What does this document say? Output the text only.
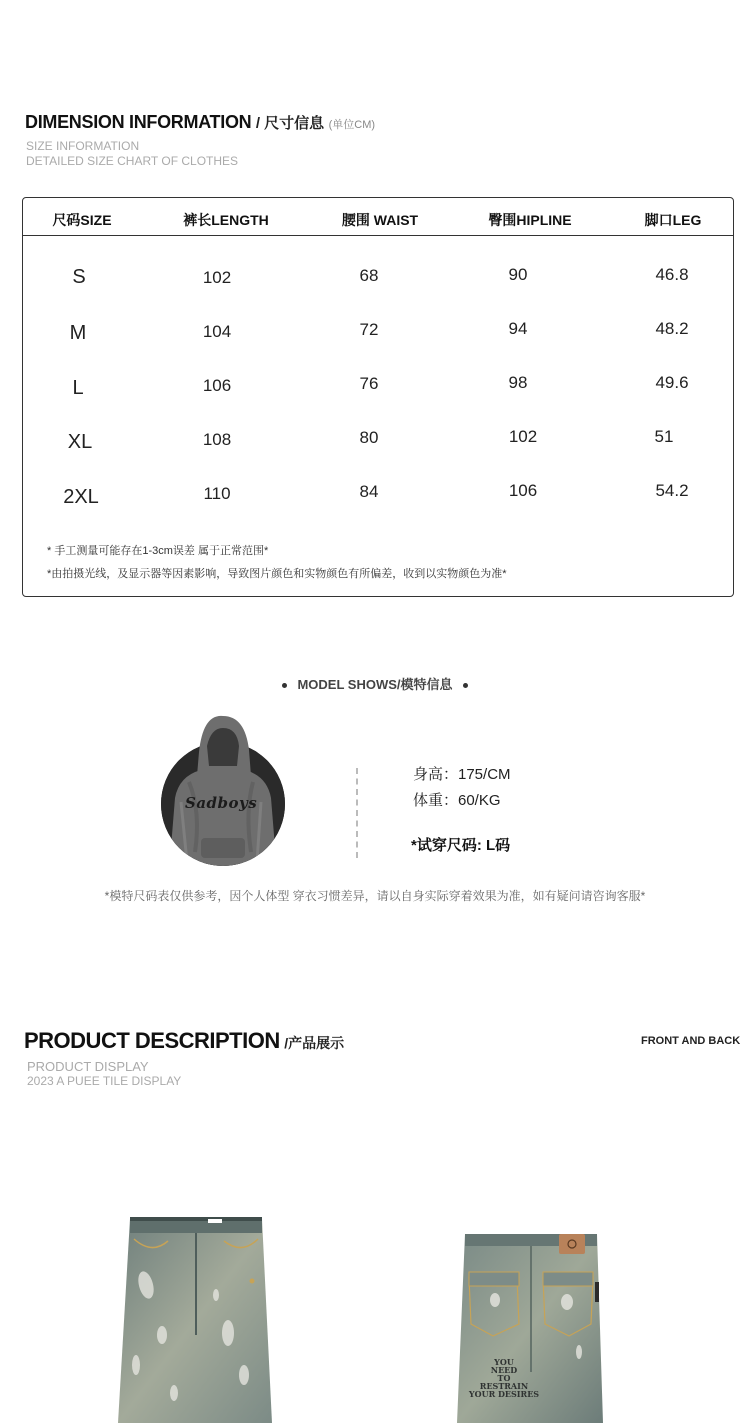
DIMENSION INFORMATION / 尺寸信息 (单位CM)
SIZE INFORMATION
DETAILED SIZE CHART OF CLOTHES
尺码SIZE	裤长LENGTH	腰围 WAIST	臀围HIPLINE	脚口LEG
S	102	68	90	46.8
M	104	72	94	48.2
L	106	76	98	49.6
XL	108	80	102	51
2XL	110	84	106	54.2
* 手工测量可能存在1-3cm误差 属于正常范围*
*由拍摄光线，及显示器等因素影响，导致图片颜色和实物颜色有所偏差，收到以实物颜色为准*
MODEL SHOWS/模特信息
Sadboys
身高：175/CM
体重：60/KG
*试穿尺码: L码
*模特尺码表仅供参考，因个人体型 穿衣习惯差异，请以自身实际穿着效果为准，如有疑问请咨询客服*
PRODUCT DESCRIPTION /产品展示	FRONT AND BACK
PRODUCT DISPLAY
2023 A PUEE TILE DISPLAY
YOU
NEED
TO
RESTRAIN
YOUR DESIRES
